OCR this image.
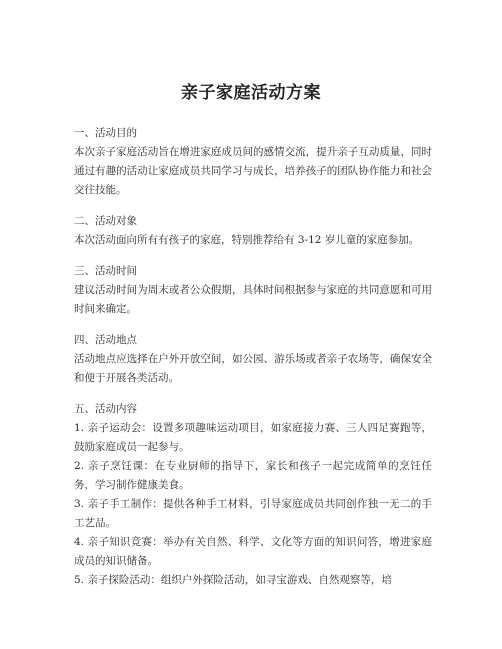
亲子家庭活动方案
一、活动目的

本次亲子家庭活动旨在增进家庭成员间的感情交流，提升亲子互动质量，同时通过有趣的活动让家庭成员共同学习与成长，培养孩子的团队协作能力和社会交往技能。

二、活动对象

本次活动面向所有有孩子的家庭，特别推荐给有 3-12 岁儿童的家庭参加。

三、活动时间

建议活动时间为周末或者公众假期，具体时间根据参与家庭的共同意愿和可用时间来确定。

四、活动地点

活动地点应选择在户外开放空间，如公园、游乐场或者亲子农场等，确保安全和便于开展各类活动。

五、活动内容
1. 亲子运动会：设置多项趣味运动项目，如家庭接力赛、三人四足赛跑等，鼓励家庭成员一起参与。
2. 亲子烹饪课：在专业厨师的指导下，家长和孩子一起完成简单的烹饪任务，学习制作健康美食。
3. 亲子手工制作：提供各种手工材料，引导家庭成员共同创作独一无二的手工艺品。
4. 亲子知识竞赛：举办有关自然、科学、文化等方面的知识问答，增进家庭成员的知识储备。
5. 亲子探险活动：组织户外探险活动，如寻宝游戏、自然观察等，培
